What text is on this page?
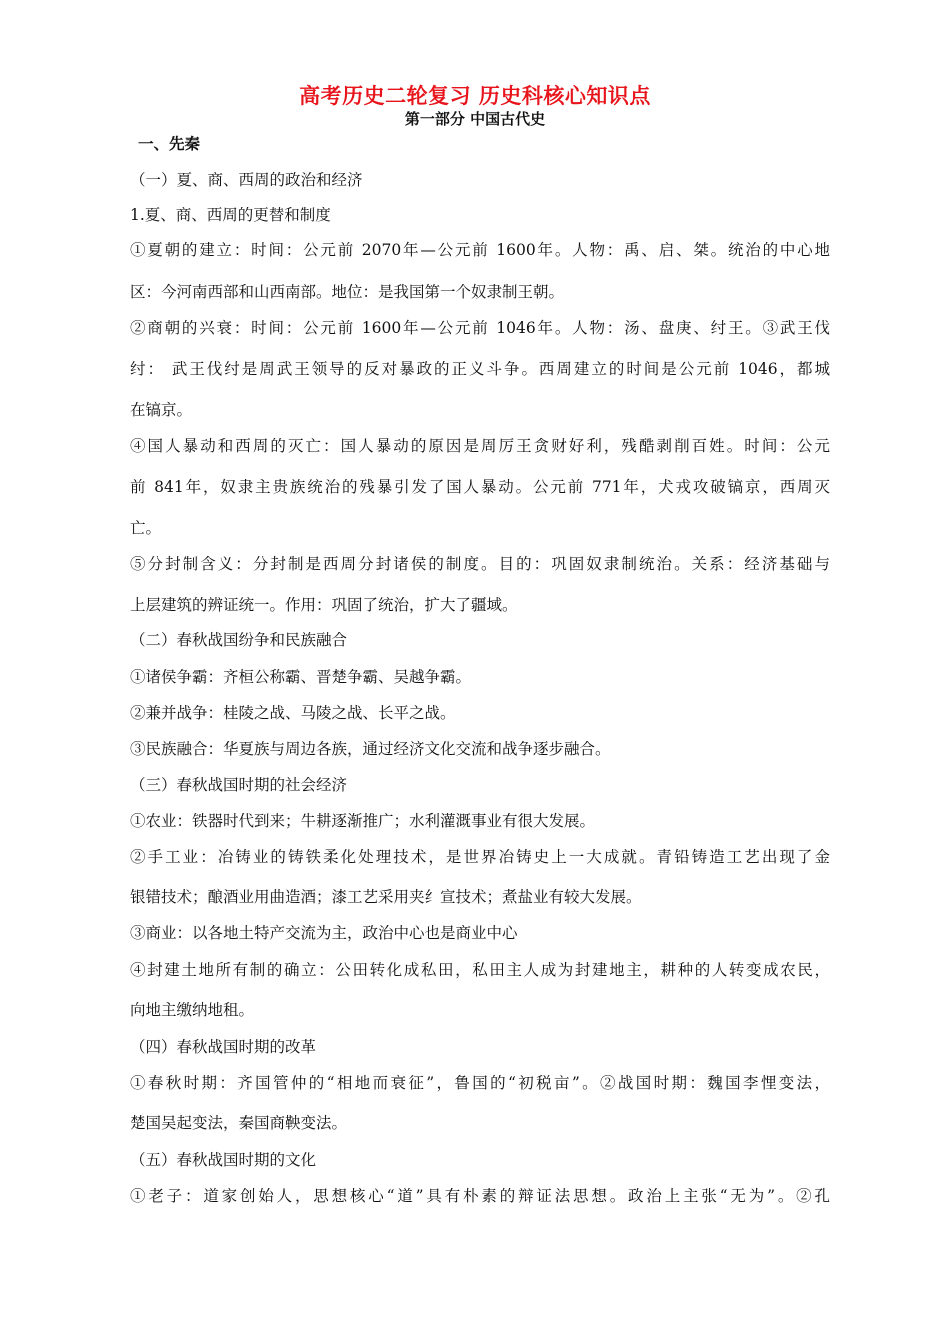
高考历史二轮复习 历史科核心知识点
第一部分 中国古代史
一、先秦
（一）夏、商、西周的政治和经济
1.夏、商、西周的更替和制度
①夏朝的建立：时间：公元前 2070年—公元前 1600年。人物：禹、启、桀。统治的中心地
区：今河南西部和山西南部。地位：是我国第一个奴隶制王朝。
②商朝的兴衰：时间：公元前 1600年—公元前 1046年。人物：汤、盘庚、纣王。③武王伐
纣： 武王伐纣是周武王领导的反对暴政的正义斗争。西周建立的时间是公元前 1046，都城
在镐京。
④国人暴动和西周的灭亡：国人暴动的原因是周厉王贪财好利，残酷剥削百姓。时间：公元
前 841年，奴隶主贵族统治的残暴引发了国人暴动。公元前 771年，犬戎攻破镐京，西周灭
亡。
⑤分封制含义：分封制是西周分封诸侯的制度。目的：巩固奴隶制统治。关系：经济基础与
上层建筑的辨证统一。作用：巩固了统治，扩大了疆域。
（二）春秋战国纷争和民族融合
①诸侯争霸：齐桓公称霸、晋楚争霸、吴越争霸。
②兼并战争：桂陵之战、马陵之战、长平之战。
③民族融合：华夏族与周边各族，通过经济文化交流和战争逐步融合。
（三）春秋战国时期的社会经济
①农业：铁器时代到来；牛耕逐渐推广；水利灌溉事业有很大发展。
②手工业：冶铸业的铸铁柔化处理技术，是世界冶铸史上一大成就。青铅铸造工艺出现了金
银错技术；酿酒业用曲造酒；漆工艺采用夹纟宣技术；煮盐业有较大发展。
③商业：以各地土特产交流为主，政治中心也是商业中心
④封建土地所有制的确立：公田转化成私田，私田主人成为封建地主，耕种的人转变成农民，
向地主缴纳地租。
（四）春秋战国时期的改革
①春秋时期：齐国管仲的“相地而衰征”，鲁国的“初税亩”。②战国时期：魏国李悝变法，
楚国吴起变法，秦国商鞅变法。
（五）春秋战国时期的文化
①老子：道家创始人，思想核心“道”具有朴素的辩证法思想。政治上主张“无为”。②孔
